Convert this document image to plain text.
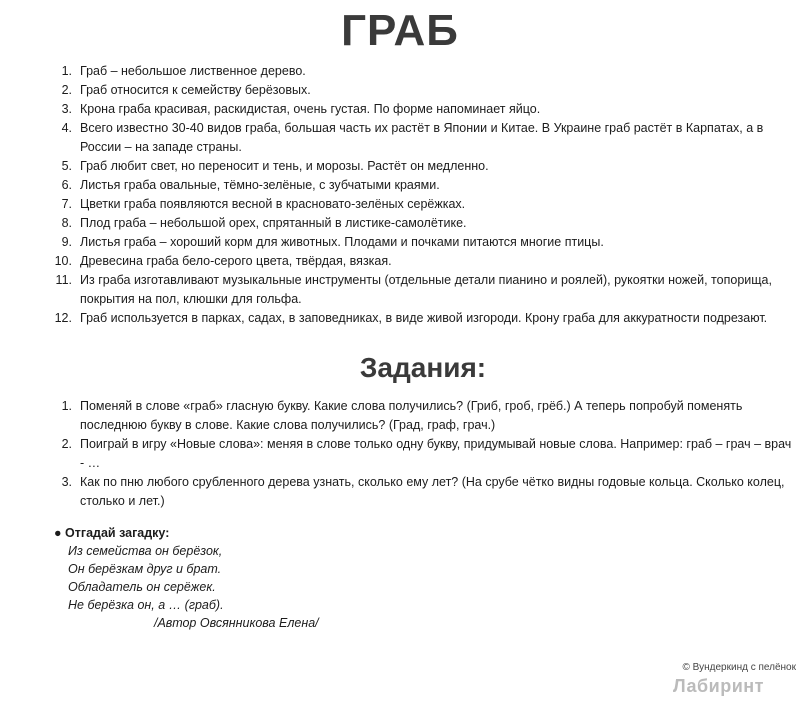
ГРАБ
1. Граб – небольшое лиственное дерево.
2. Граб относится к семейству берёзовых.
3. Крона граба красивая, раскидистая, очень густая. По форме напоминает яйцо.
4. Всего известно 30-40 видов граба, большая часть их растёт в Японии и Китае. В Украине граб растёт в Карпатах, а в России – на западе страны.
5. Граб любит свет, но переносит и тень, и морозы. Растёт он медленно.
6. Листья граба овальные, тёмно-зелёные, с зубчатыми краями.
7. Цветки граба появляются весной в красновато-зелёных серёжках.
8. Плод граба – небольшой орех, спрятанный в листике-самолётике.
9. Листья граба – хороший корм для животных. Плодами и почками питаются многие птицы.
10. Древесина граба бело-серого цвета, твёрдая, вязкая.
11. Из граба изготавливают музыкальные инструменты (отдельные детали пианино и роялей), рукоятки ножей, топорища, покрытия на пол, клюшки для гольфа.
12. Граб используется в парках, садах, в заповедниках, в виде живой изгороди. Крону граба для аккуратности подрезают.
Задания:
1. Поменяй в слове «граб» гласную букву. Какие слова получились? (Гриб, гроб, грёб.) А теперь попробуй поменять последнюю букву в слове. Какие слова получились? (Град, граф, грач.)
2. Поиграй в игру «Новые слова»: меняя в слове только одну букву, придумывай новые слова. Например: граб – грач – врач - …
3. Как по пню любого срубленного дерева узнать, сколько ему лет? (На срубе чётко видны годовые кольца. Сколько колец, столько и лет.)
● Отгадай загадку:
Из семейства он берёзок,
Он берёзкам друг и брат.
Обладатель он серёжек.
Не берёзка он, а … (граб).
/Автор Овсянникова Елена/
© Вундеркинд с пелёнок
Лабиринт
